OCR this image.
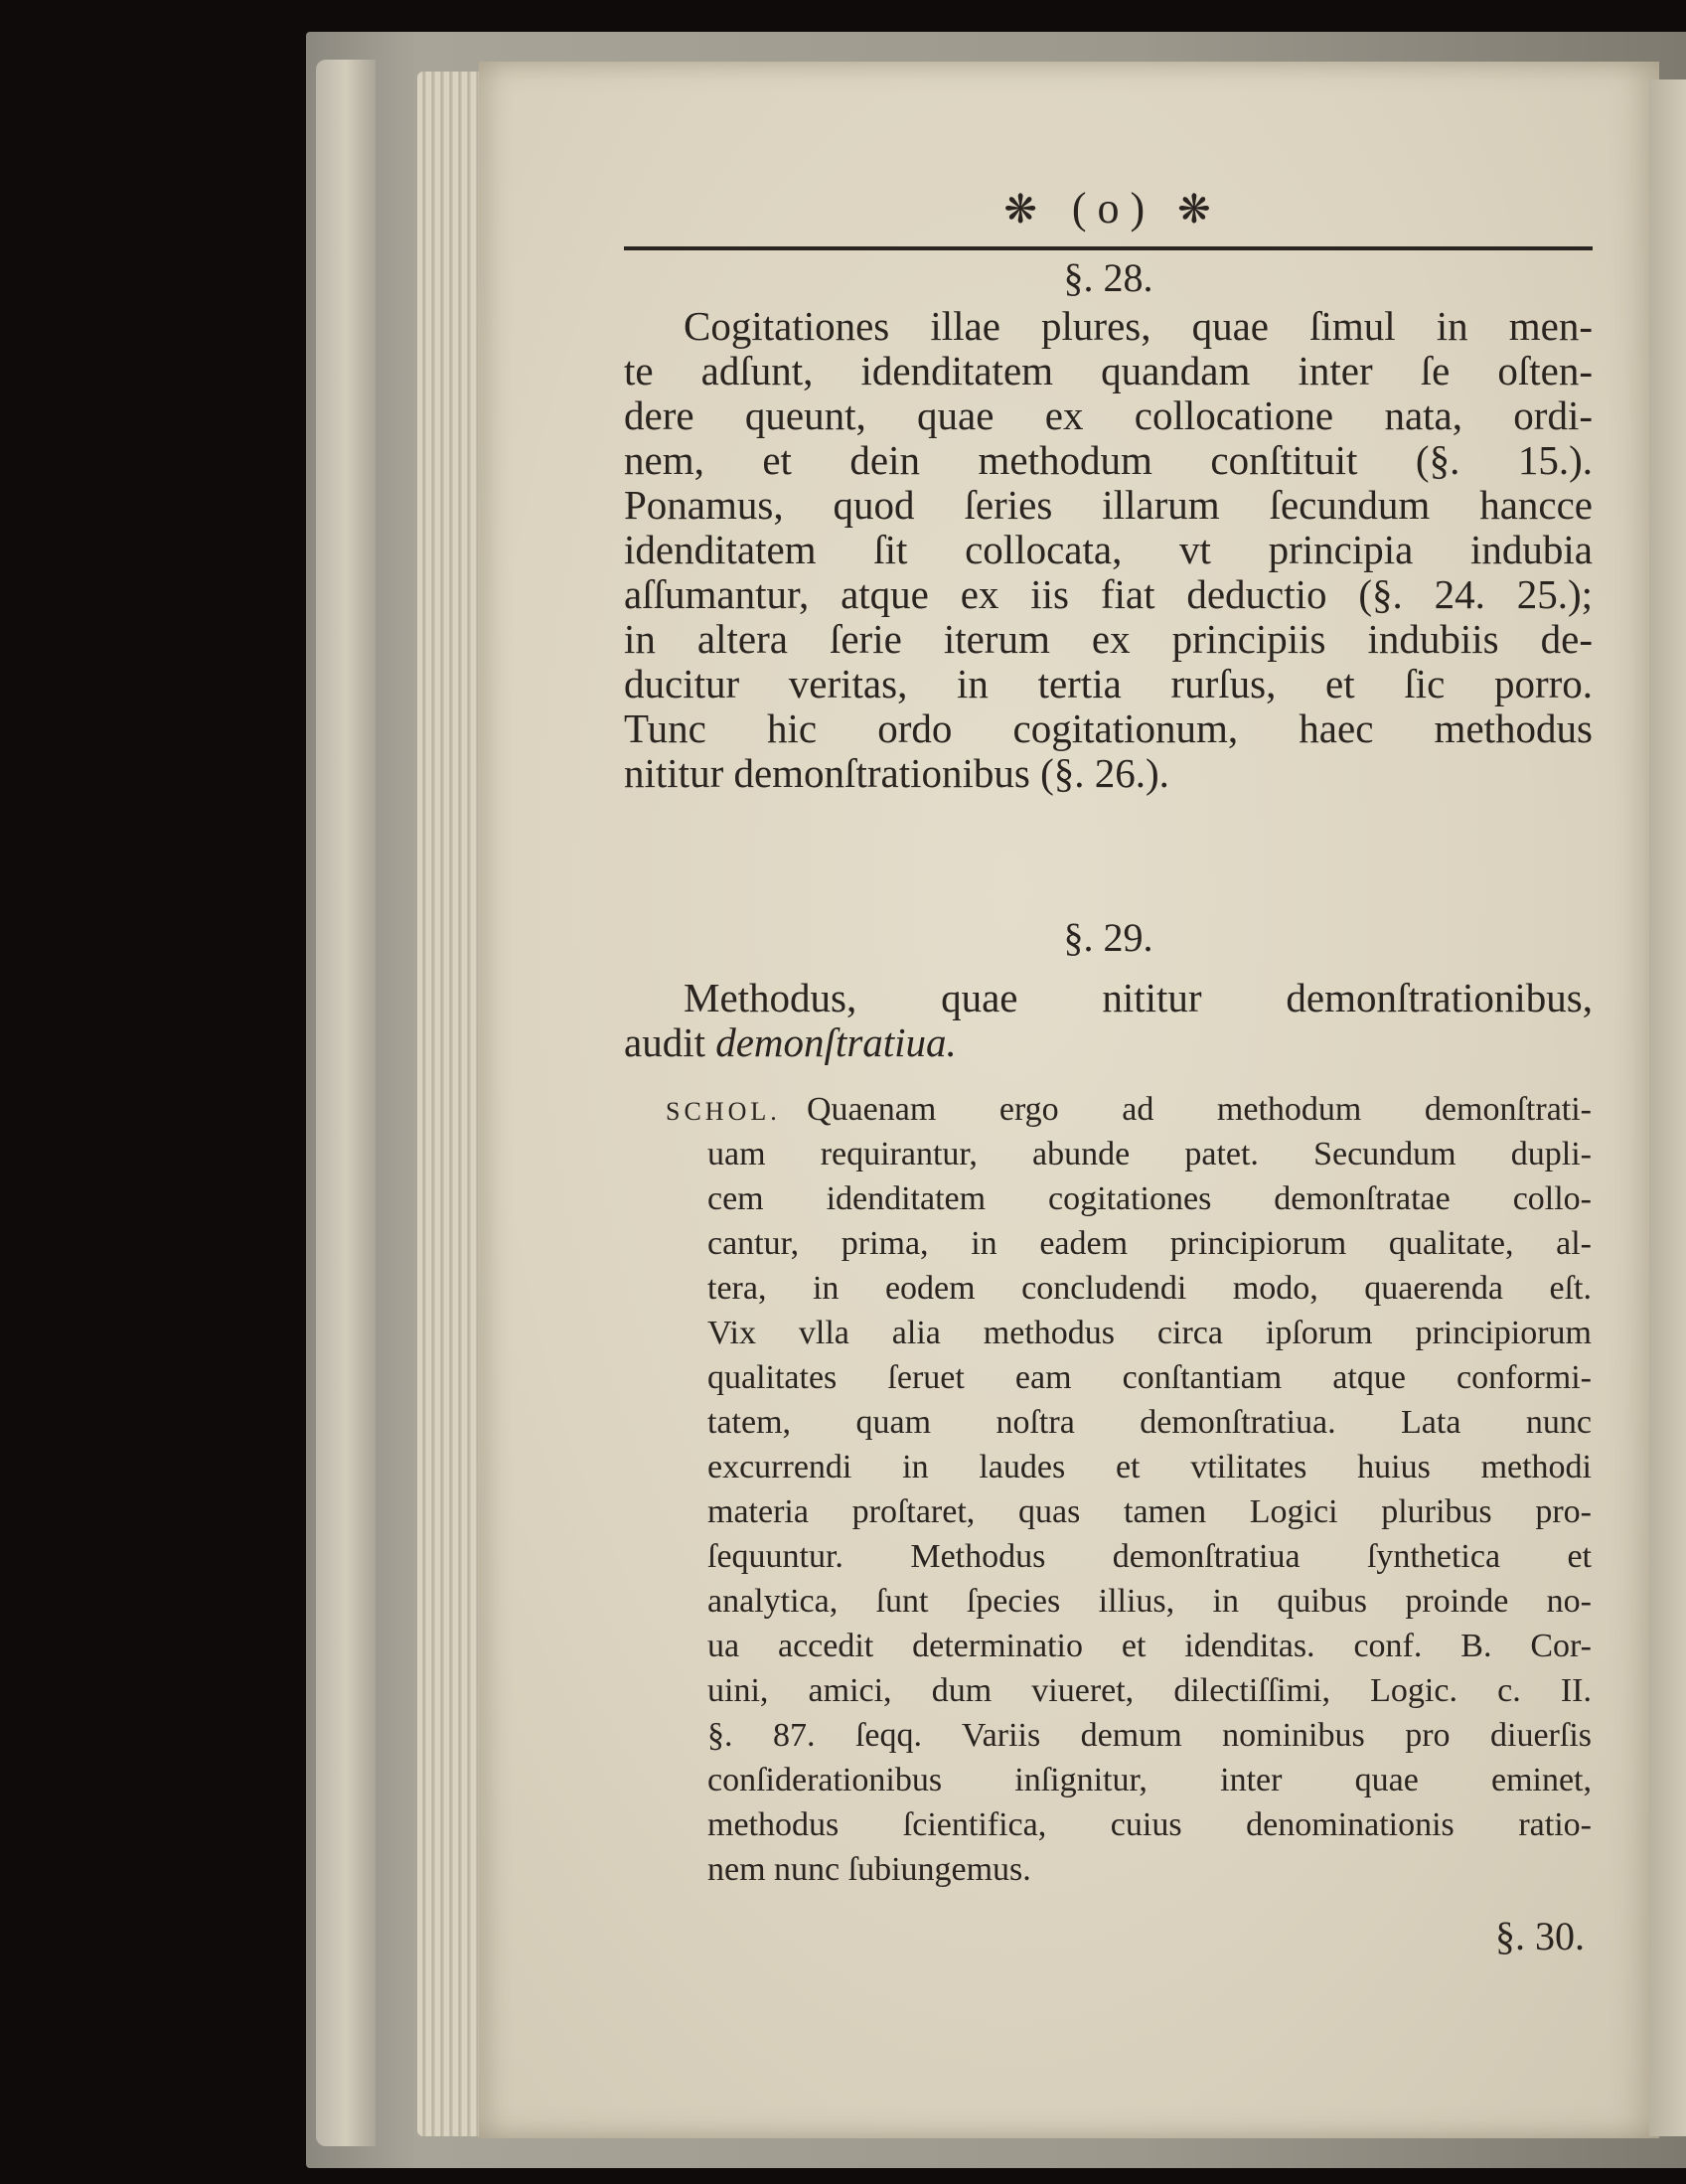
❋ ( o ) ❋
§. 28.
Cogitationes illae plures, quae ſimul in men-
te adſunt, idenditatem quandam inter ſe oſten-
dere queunt, quae ex collocatione nata, ordi-
nem, et dein methodum conſtituit (§. 15.).
Ponamus, quod ſeries illarum ſecundum hancce
idenditatem ſit collocata, vt principia indubia
aſſumantur, atque ex iis fiat deductio (§. 24. 25.);
in altera ſerie iterum ex principiis indubiis de-
ducitur veritas, in tertia rurſus, et ſic porro.
Tunc hic ordo cogitationum, haec methodus
nititur demonſtrationibus (§. 26.).
§. 29.
Methodus, quae nititur demonſtrationibus,
audit demonſtratiua.
SCHOL. Quaenam ergo ad methodum demonſtrati-
uam requirantur, abunde patet. Secundum dupli-
cem idenditatem cogitationes demonſtratae collo-
cantur, prima, in eadem principiorum qualitate, al-
tera, in eodem concludendi modo, quaerenda eſt.
Vix vlla alia methodus circa ipſorum principiorum
qualitates ſeruet eam conſtantiam atque conformi-
tatem, quam noſtra demonſtratiua. Lata nunc
excurrendi in laudes et vtilitates huius methodi
materia proſtaret, quas tamen Logici pluribus pro-
ſequuntur. Methodus demonſtratiua ſynthetica et
analytica, ſunt ſpecies illius, in quibus proinde no-
ua accedit determinatio et idenditas. conf. B. Cor-
uini, amici, dum viueret, dilectiſſimi, Logic. c. II.
§. 87. ſeqq. Variis demum nominibus pro diuerſis
conſiderationibus inſignitur, inter quae eminet,
methodus ſcientifica, cuius denominationis ratio-
nem nunc ſubiungemus.
§. 30.
